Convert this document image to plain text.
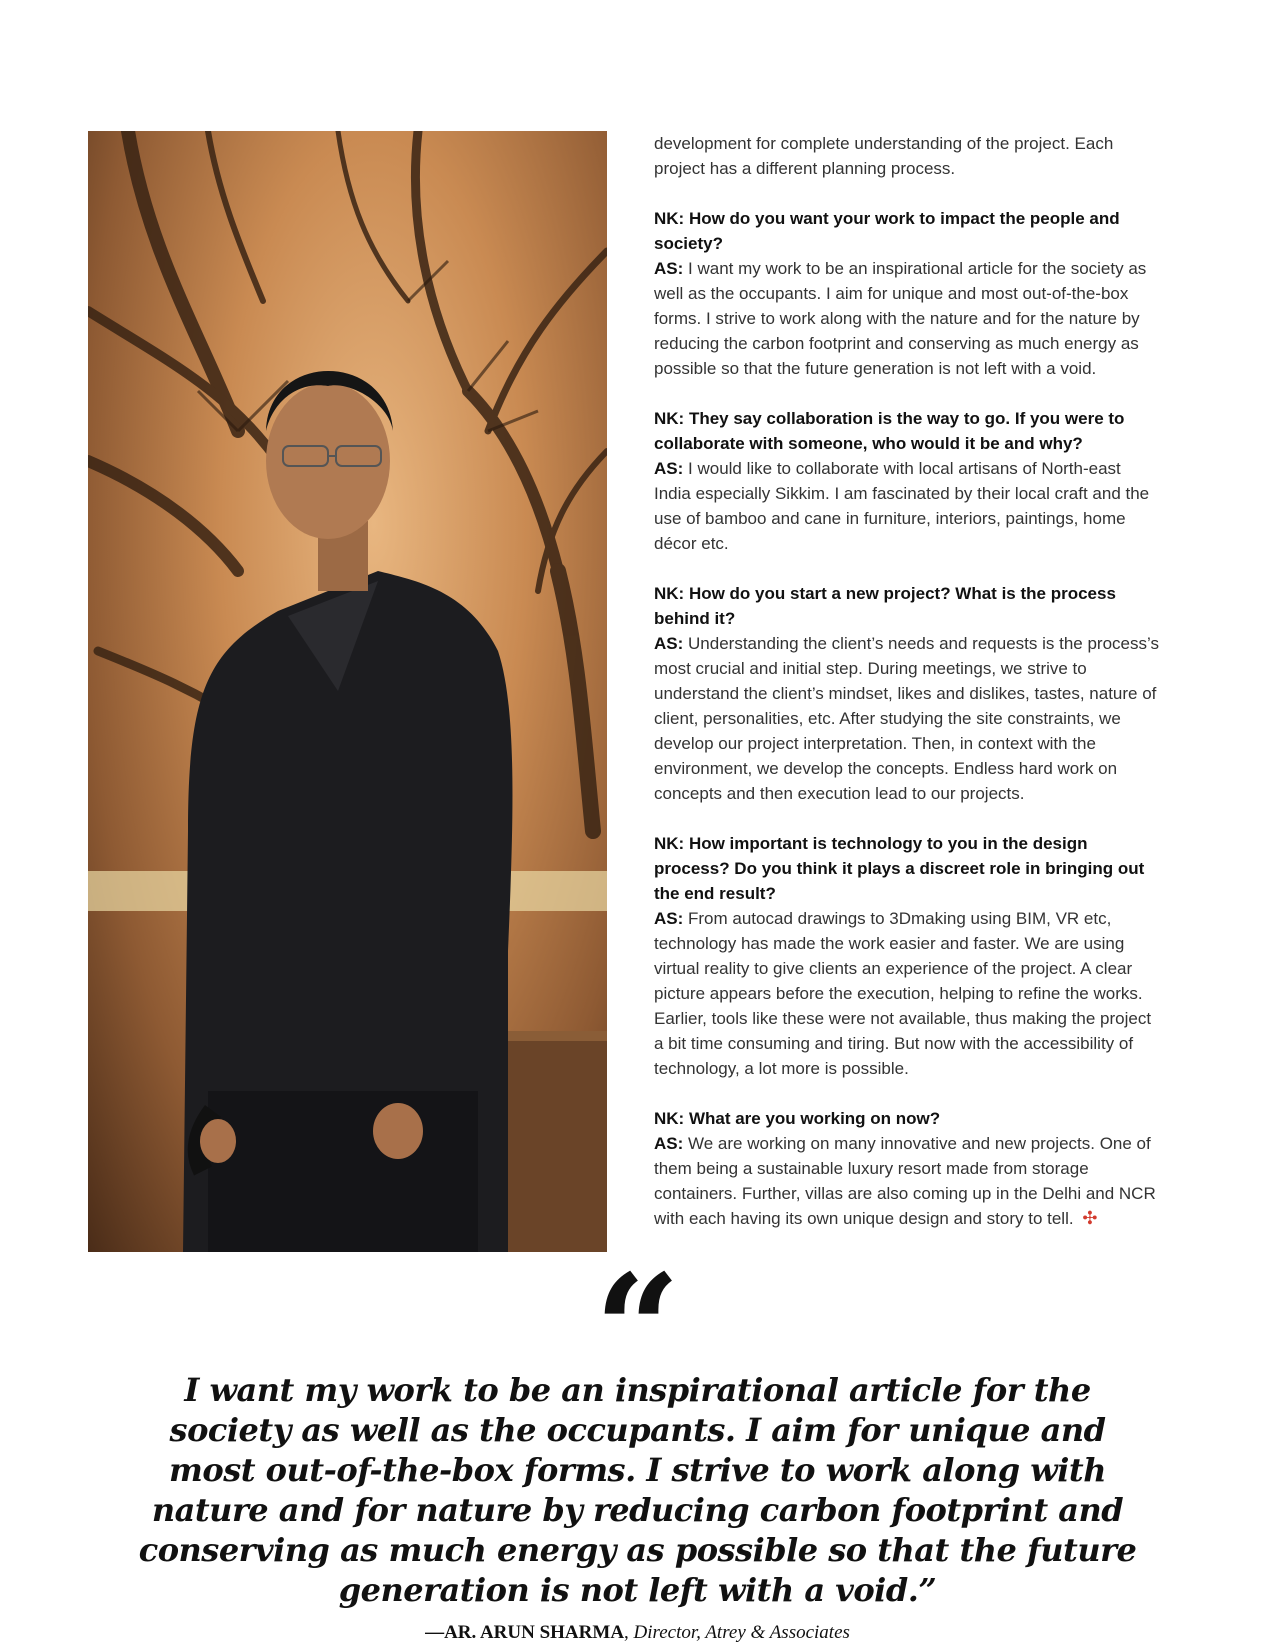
development for complete understanding of the project. Each project has a different planning process.

NK: How do you want your work to impact the people and society?
AS: I want my work to be an inspirational article for the society as well as the occupants. I aim for unique and most out-of-the-box forms. I strive to work along with the nature and for the nature by reducing the carbon footprint and conserving as much energy as possible so that the future generation is not left with a void.

NK: They say collaboration is the way to go. If you were to collaborate with someone, who would it be and why?
AS: I would like to collaborate with local artisans of North-east India especially Sikkim. I am fascinated by their local craft and the use of bamboo and cane in furniture, interiors, paintings, home décor etc.

NK: How do you start a new project? What is the process behind it?
AS: Understanding the client’s needs and requests is the process’s most crucial and initial step. During meetings, we strive to understand the client’s mindset, likes and dislikes, tastes, nature of client, personalities, etc. After studying the site constraints, we develop our project interpretation. Then, in context with the environment, we develop the concepts. Endless hard work on concepts and then execution lead to our projects.

NK: How important is technology to you in the design process? Do you think it plays a discreet role in bringing out the end result?
AS: From autocad drawings to 3Dmaking using BIM, VR etc, technology has made the work easier and faster. We are using virtual reality to give clients an experience of the project. A clear picture appears before the execution, helping to refine the works. Earlier, tools like these were not available, thus making the project a bit time consuming and tiring. But now with the accessibility of technology, a lot more is possible.

NK: What are you working on now?
AS: We are working on many innovative and new projects. One of them being a sustainable luxury resort made from storage containers. Further, villas are also coming up in the Delhi and NCR with each having its own unique design and story to tell. ✣

“
I want my work to be an inspirational article for the society as well as the occupants. I aim for unique and most out-of-the-box forms. I strive to work along with nature and for nature by reducing carbon footprint and conserving as much energy as possible so that the future generation is not left with a void.”
—AR. ARUN SHARMA, Director, Atrey & Associates
